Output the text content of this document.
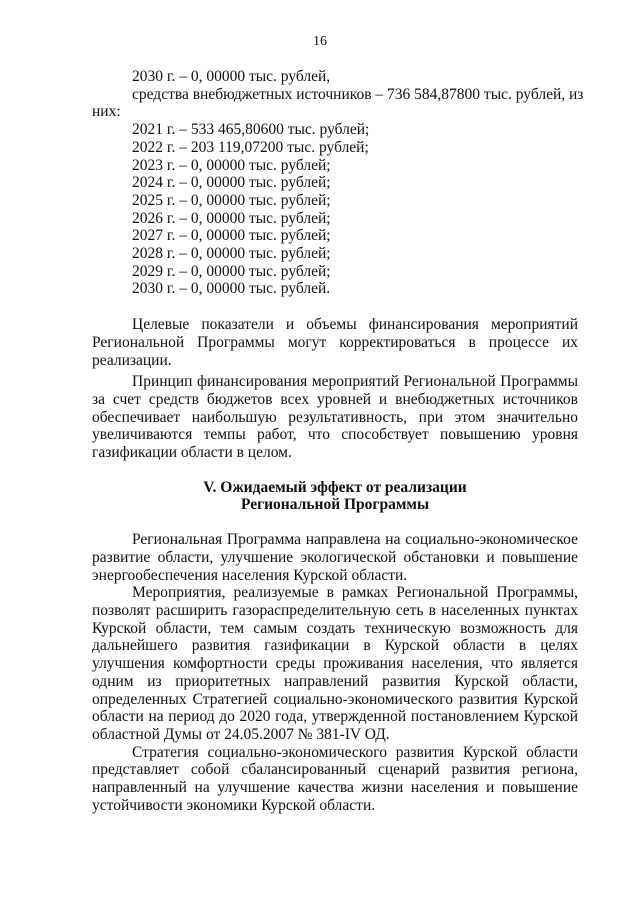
16
2030 г. – 0, 00000 тыс. рублей,
средства внебюджетных источников – 736 584,87800 тыс. рублей, из
них:
2021 г. – 533 465,80600 тыс. рублей;
2022 г. – 203 119,07200 тыс. рублей;
2023 г. – 0, 00000 тыс. рублей;
2024 г. – 0, 00000 тыс. рублей;
2025 г. – 0, 00000 тыс. рублей;
2026 г. – 0, 00000 тыс. рублей;
2027 г. – 0, 00000 тыс. рублей;
2028 г. – 0, 00000 тыс. рублей;
2029 г. – 0, 00000 тыс. рублей;
2030 г. – 0, 00000 тыс. рублей.

Целевые показатели и объемы финансирования мероприятий Региональной Программы могут корректироваться в процессе их реализации.

Принцип финансирования мероприятий Региональной Программы за счет средств бюджетов всех уровней и внебюджетных источников обеспечивает наибольшую результативность, при этом значительно увеличиваются темпы работ, что способствует повышению уровня газификации области в целом.

V. Ожидаемый эффект от реализации

Региональной Программы

Региональная Программа направлена на социально-экономическое развитие области, улучшение экологической обстановки и повышение энергообеспечения населения Курской области.

Мероприятия, реализуемые в рамках Региональной Программы, позволят расширить газораспределительную сеть в населенных пунктах Курской области, тем самым создать техническую возможность для дальнейшего развития газификации в Курской области в целях улучшения комфортности среды проживания населения, что является одним из приоритетных направлений развития Курской области, определенных Стратегией социально-экономического развития Курской области на период до 2020 года, утвержденной постановлением Курской областной Думы от 24.05.2007 № 381-IV ОД.

Стратегия социально-экономического развития Курской области представляет собой сбалансированный сценарий развития региона, направленный на улучшение качества жизни населения и повышение устойчивости экономики Курской области.
